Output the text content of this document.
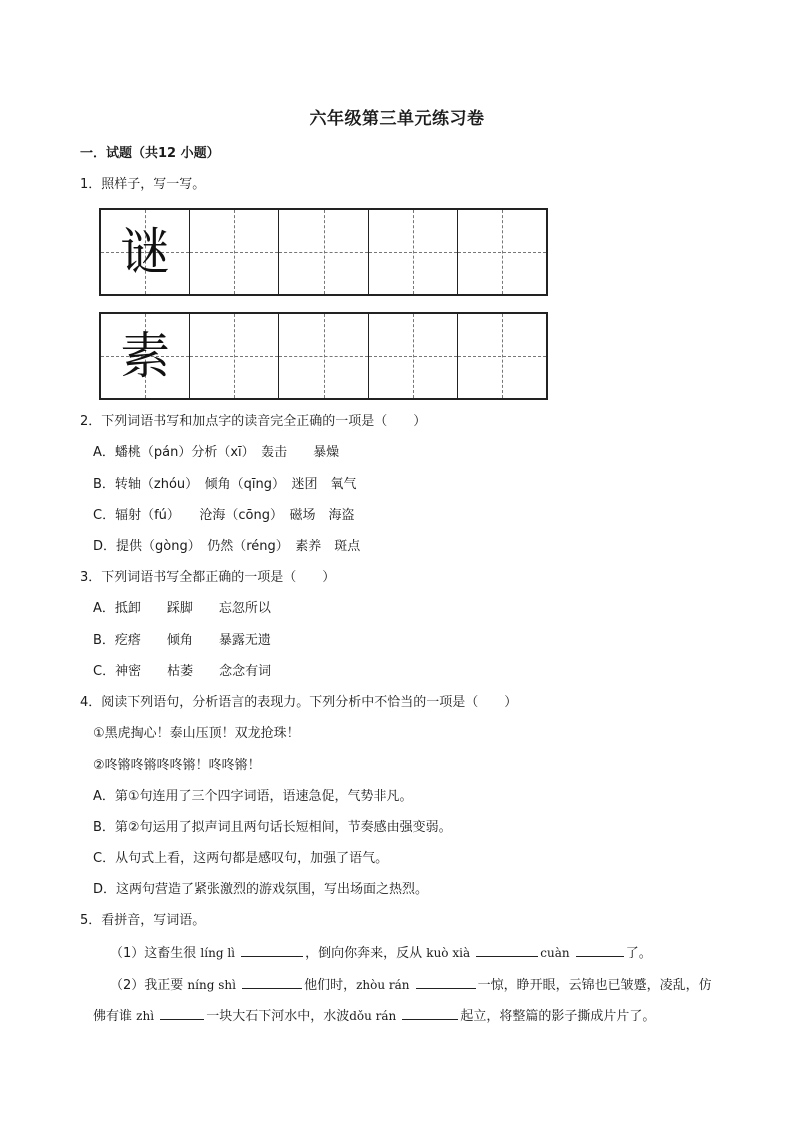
六年级第三单元练习卷
一．试题（共12 小题）
1．照样子，写一写。
谜
素
2．下列词语书写和加点字的读音完全正确的一项是（　　）
A．蟠桃（pán）分析（xī）　轰击　　暴燥
B．转轴（zhóu）　倾角（qīng）　迷团　氧气
C．辐射（fú）　　沧海（cōng）　磁场　海盗
D．提供（gòng）　仍然（réng）　素养　斑点
3．下列词语书写全都正确的一项是（　　）
A．抵卸　　踩脚　　忘忽所以
B．疙瘩　　倾角　　暴露无遗
C．神密　　枯萎　　念念有词
4．阅读下列语句，分析语言的表现力。下列分析中不恰当的一项是（　　）
①黑虎掏心！泰山压顶！双龙抢珠！
②咚锵咚锵咚咚锵！咚咚锵！
A．第①句连用了三个四字词语，语速急促，气势非凡。
B．第②句运用了拟声词且两句话长短相间，节奏感由强变弱。
C．从句式上看，这两句都是感叹句，加强了语气。
D．这两句营造了紧张激烈的游戏氛围，写出场面之热烈。
5．看拼音，写词语。
（1）这畜生很 líng lì	，倒向你奔来，反从 kuò xià	cuàn	了。
（2）我正要 níng shì	他们时，zhòu rán	一惊，睁开眼，云锦也已皱蹙，凌乱，仿
佛有谁 zhì	一块大石下河水中，水波dǒu rán	起立，将整篇的影子撕成片片了。
